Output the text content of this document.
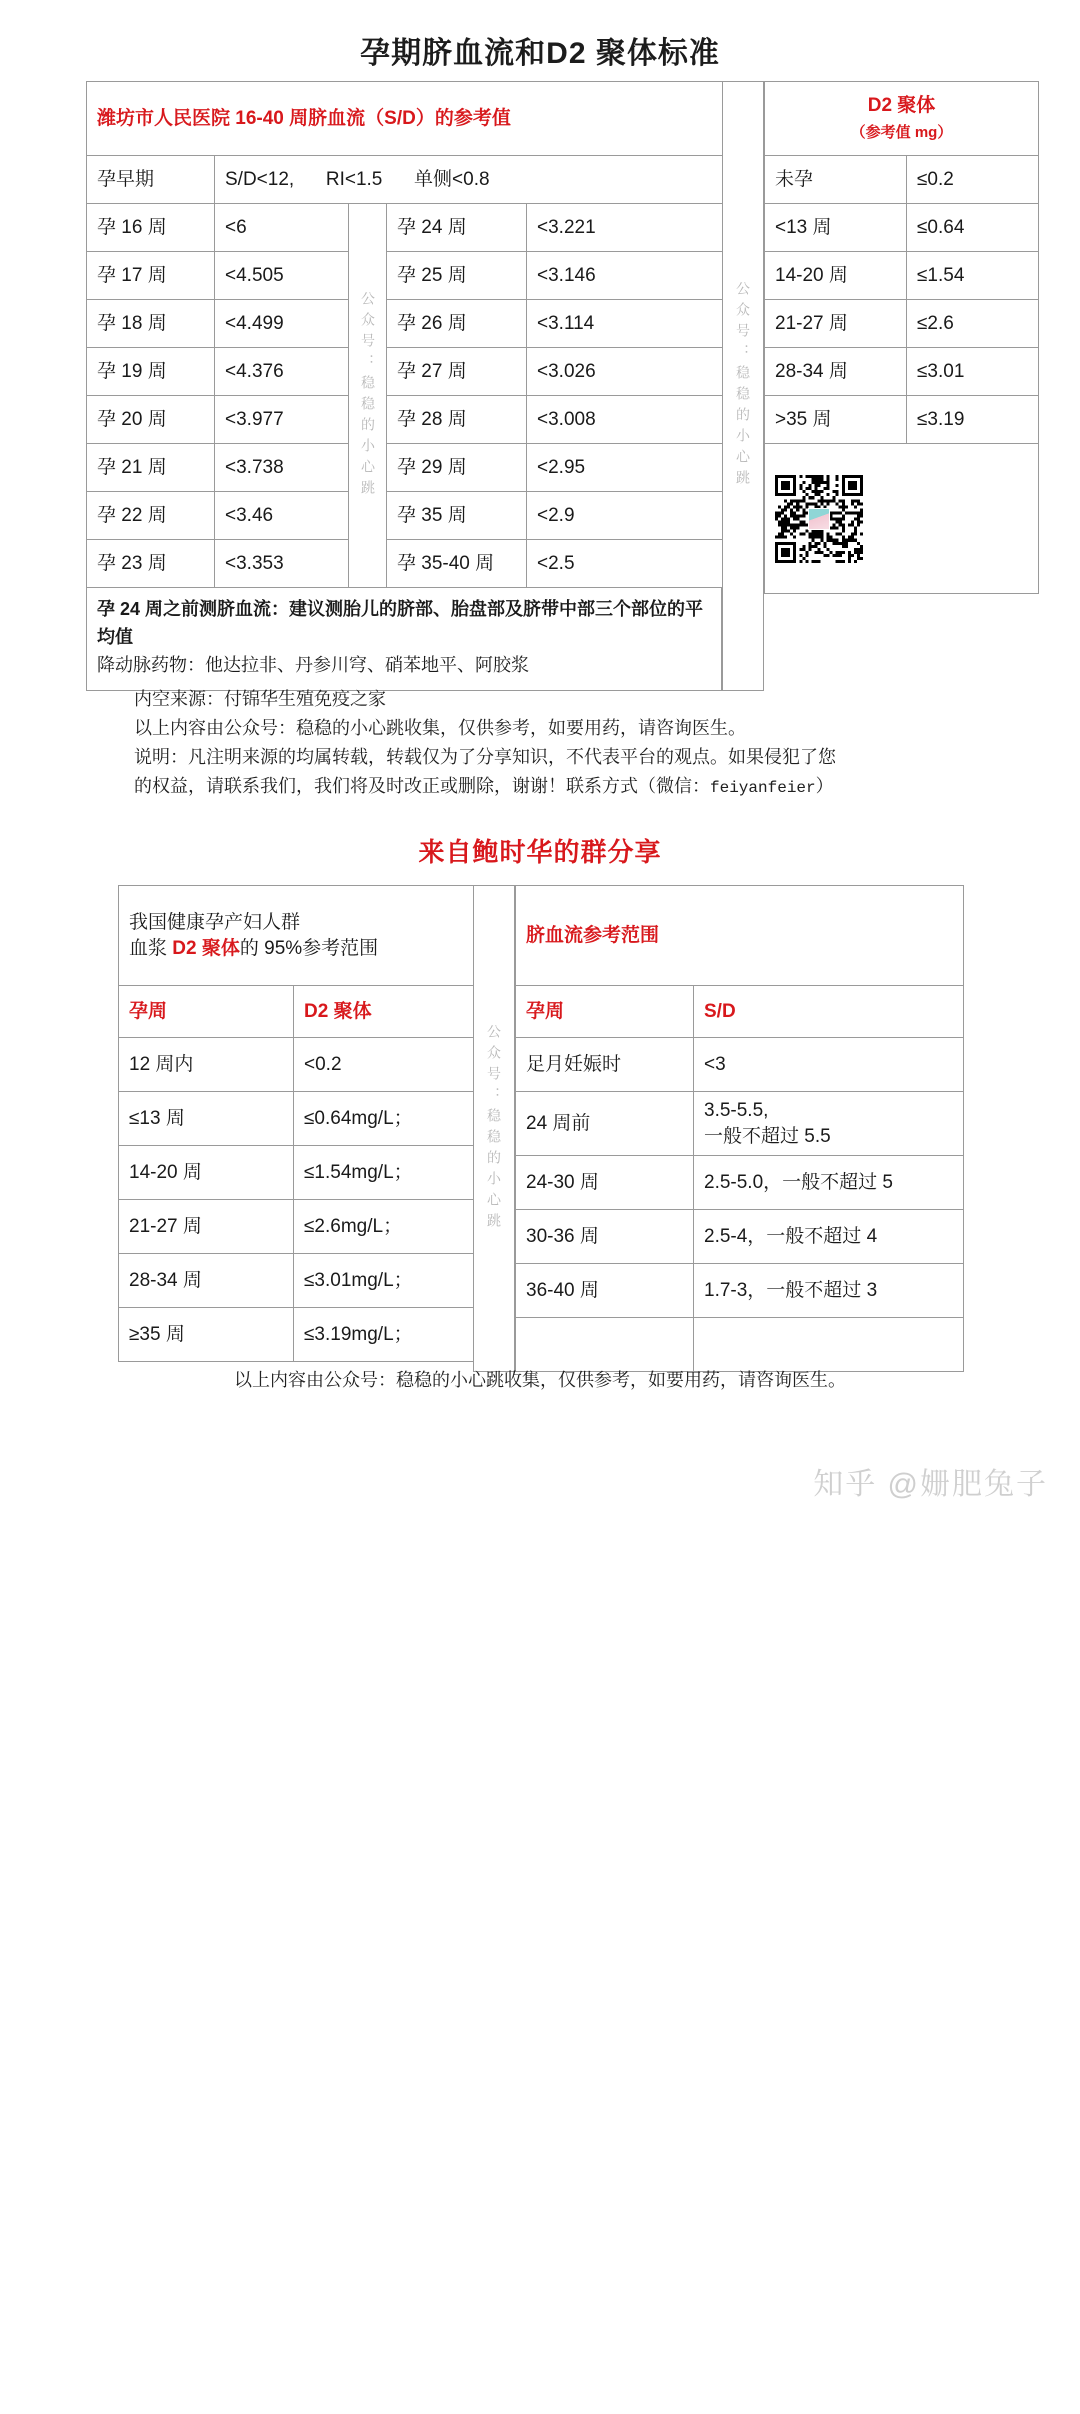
孕期脐血流和D2 聚体标准
潍坊市人民医院 16-40 周脐血流（S/D）的参考值				
孕早期	S/D<12,      RI<1.5      单侧<0.8			
孕 16 周	<6	公众号：稳稳的小心跳	孕 24 周	<3.221
孕 17 周	<4.505		孕 25 周	<3.146
孕 18 周	<4.499		孕 26 周	<3.114
孕 19 周	<4.376		孕 27 周	<3.026
孕 20 周	<3.977		孕 28 周	<3.008
孕 21 周	<3.738		孕 29 周	<2.95
孕 22 周	<3.46		孕 35 周	<2.9
孕 23 周	<3.353		孕 35-40 周	<2.5
孕 24 周之前测脐血流：建议测胎儿的脐部、胎盘部及脐带中部三个部位的平均值
降动脉药物：他达拉非、丹参川穹、硝苯地平、阿胶浆
公众号：稳稳的小心跳
D2 聚体
（参考值 mg）	
未孕	≤0.2
<13 周	≤0.64
14-20 周	≤1.54
21-27 周	≤2.6
28-34 周	≤3.01
>35 周	≤3.19

内空来源：付锦华生殖免疫之家
以上内容由公众号：稳稳的小心跳收集，仅供参考，如要用药，请咨询医生。
说明：凡注明来源的均属转载，转载仅为了分享知识，不代表平台的观点。如果侵犯了您
的权益，请联系我们，我们将及时改正或删除，谢谢！联系方式（微信：feiyanfeier）
来自鲍时华的群分享
我国健康孕产妇人群
血浆 D2 聚体的 95%参考范围	
孕周	D2 聚体
12 周内	<0.2
≤13 周	≤0.64mg/L；
14-20 周	≤1.54mg/L；
21-27 周	≤2.6mg/L；
28-34 周	≤3.01mg/L；
≥35 周	≤3.19mg/L；
公众号：稳稳的小心跳
脐血流参考范围	
孕周	S/D
足月妊娠时	<3
24 周前	3.5-5.5,
一般不超过 5.5
24-30 周	2.5-5.0，一般不超过 5
30-36 周	2.5-4，一般不超过 4
36-40 周	1.7-3，一般不超过 3

以上内容由公众号：稳稳的小心跳收集，仅供参考，如要用药，请咨询医生。
知乎 @姗肥兔子
